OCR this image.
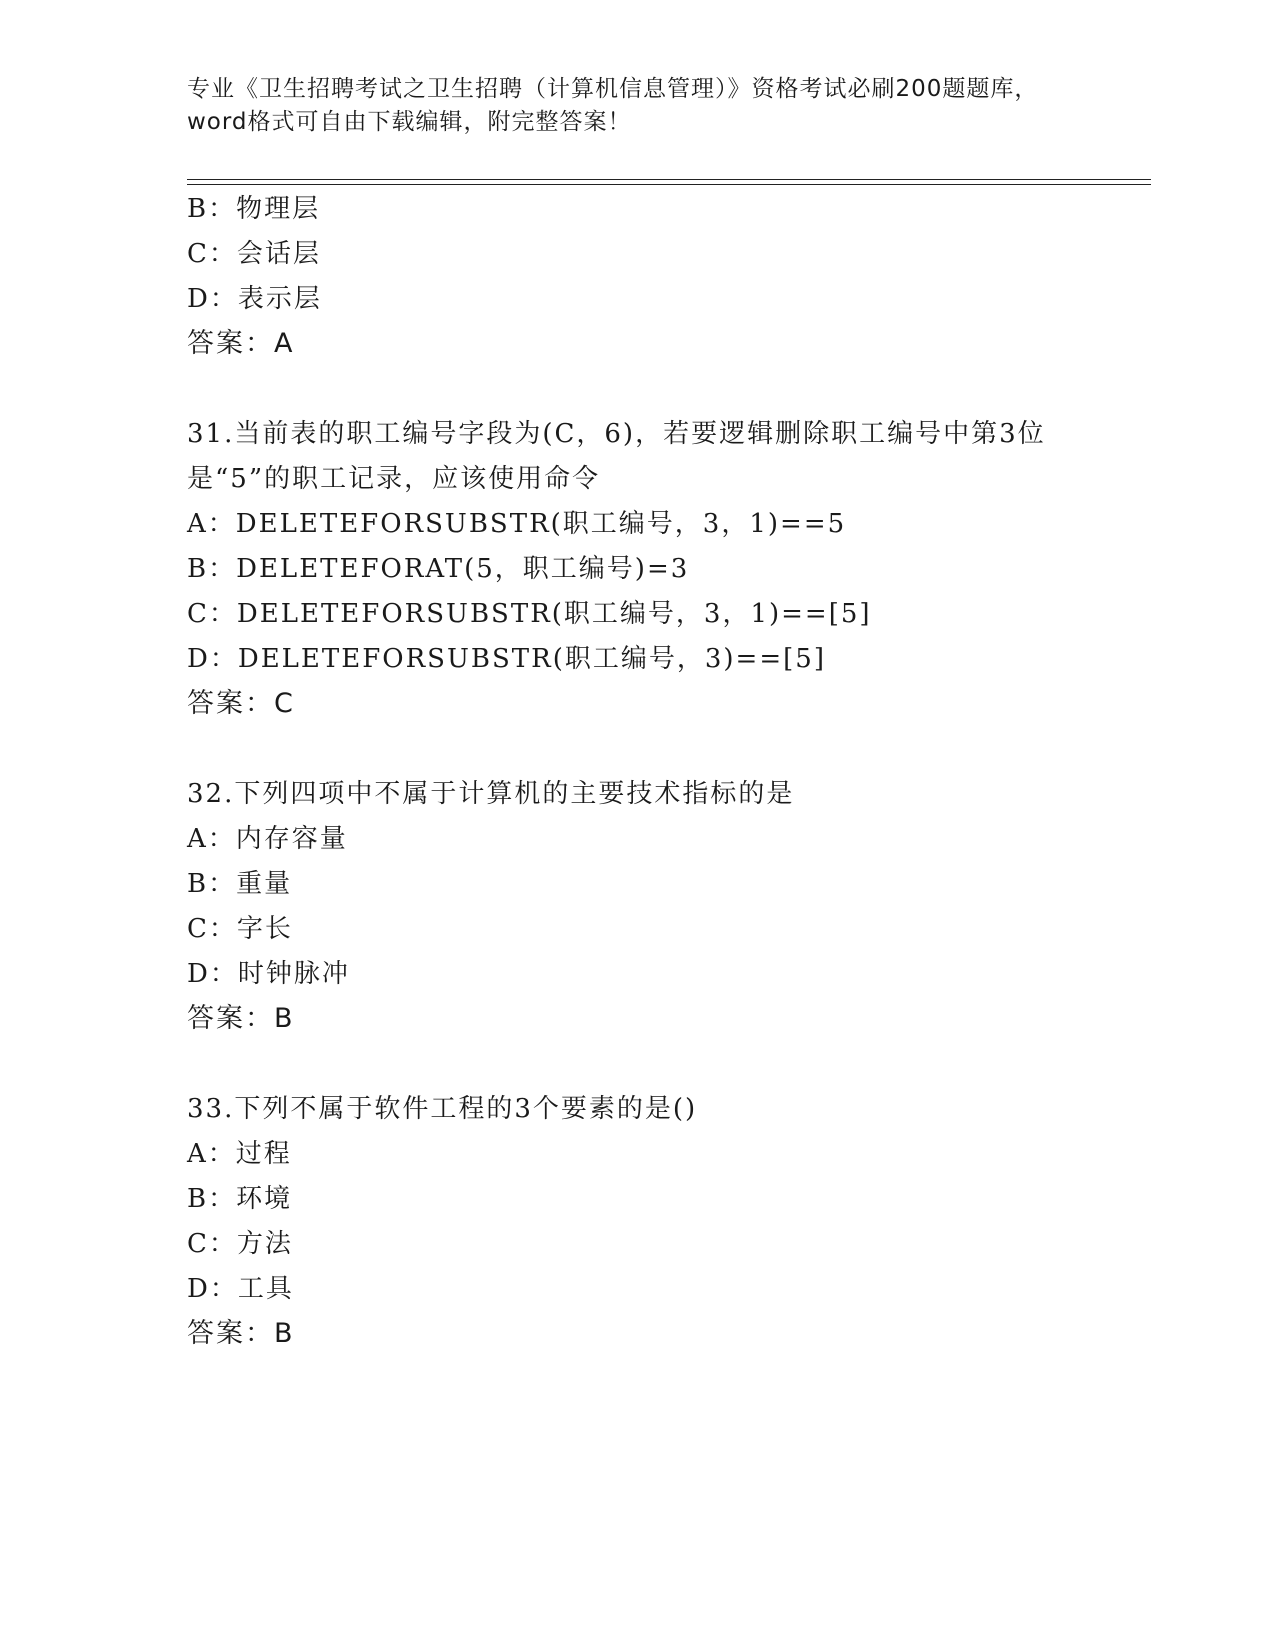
专业《卫生招聘考试之卫生招聘（计算机信息管理）》资格考试必刷200题题库，
word格式可自由下载编辑，附完整答案！
B：物理层
C：会话层
D：表示层
答案：A
31.当前表的职工编号字段为(C，6)，若要逻辑删除职工编号中第3位
是“5”的职工记录，应该使用命令
A：DELETEFORSUBSTR(职工编号，3，1)==5
B：DELETEFORAT(5，职工编号)=3
C：DELETEFORSUBSTR(职工编号，3，1)==[5]
D：DELETEFORSUBSTR(职工编号，3)==[5]
答案：C
32.下列四项中不属于计算机的主要技术指标的是
A：内存容量
B：重量
C：字长
D：时钟脉冲
答案：B
33.下列不属于软件工程的3个要素的是()
A：过程
B：环境
C：方法
D：工具
答案：B
